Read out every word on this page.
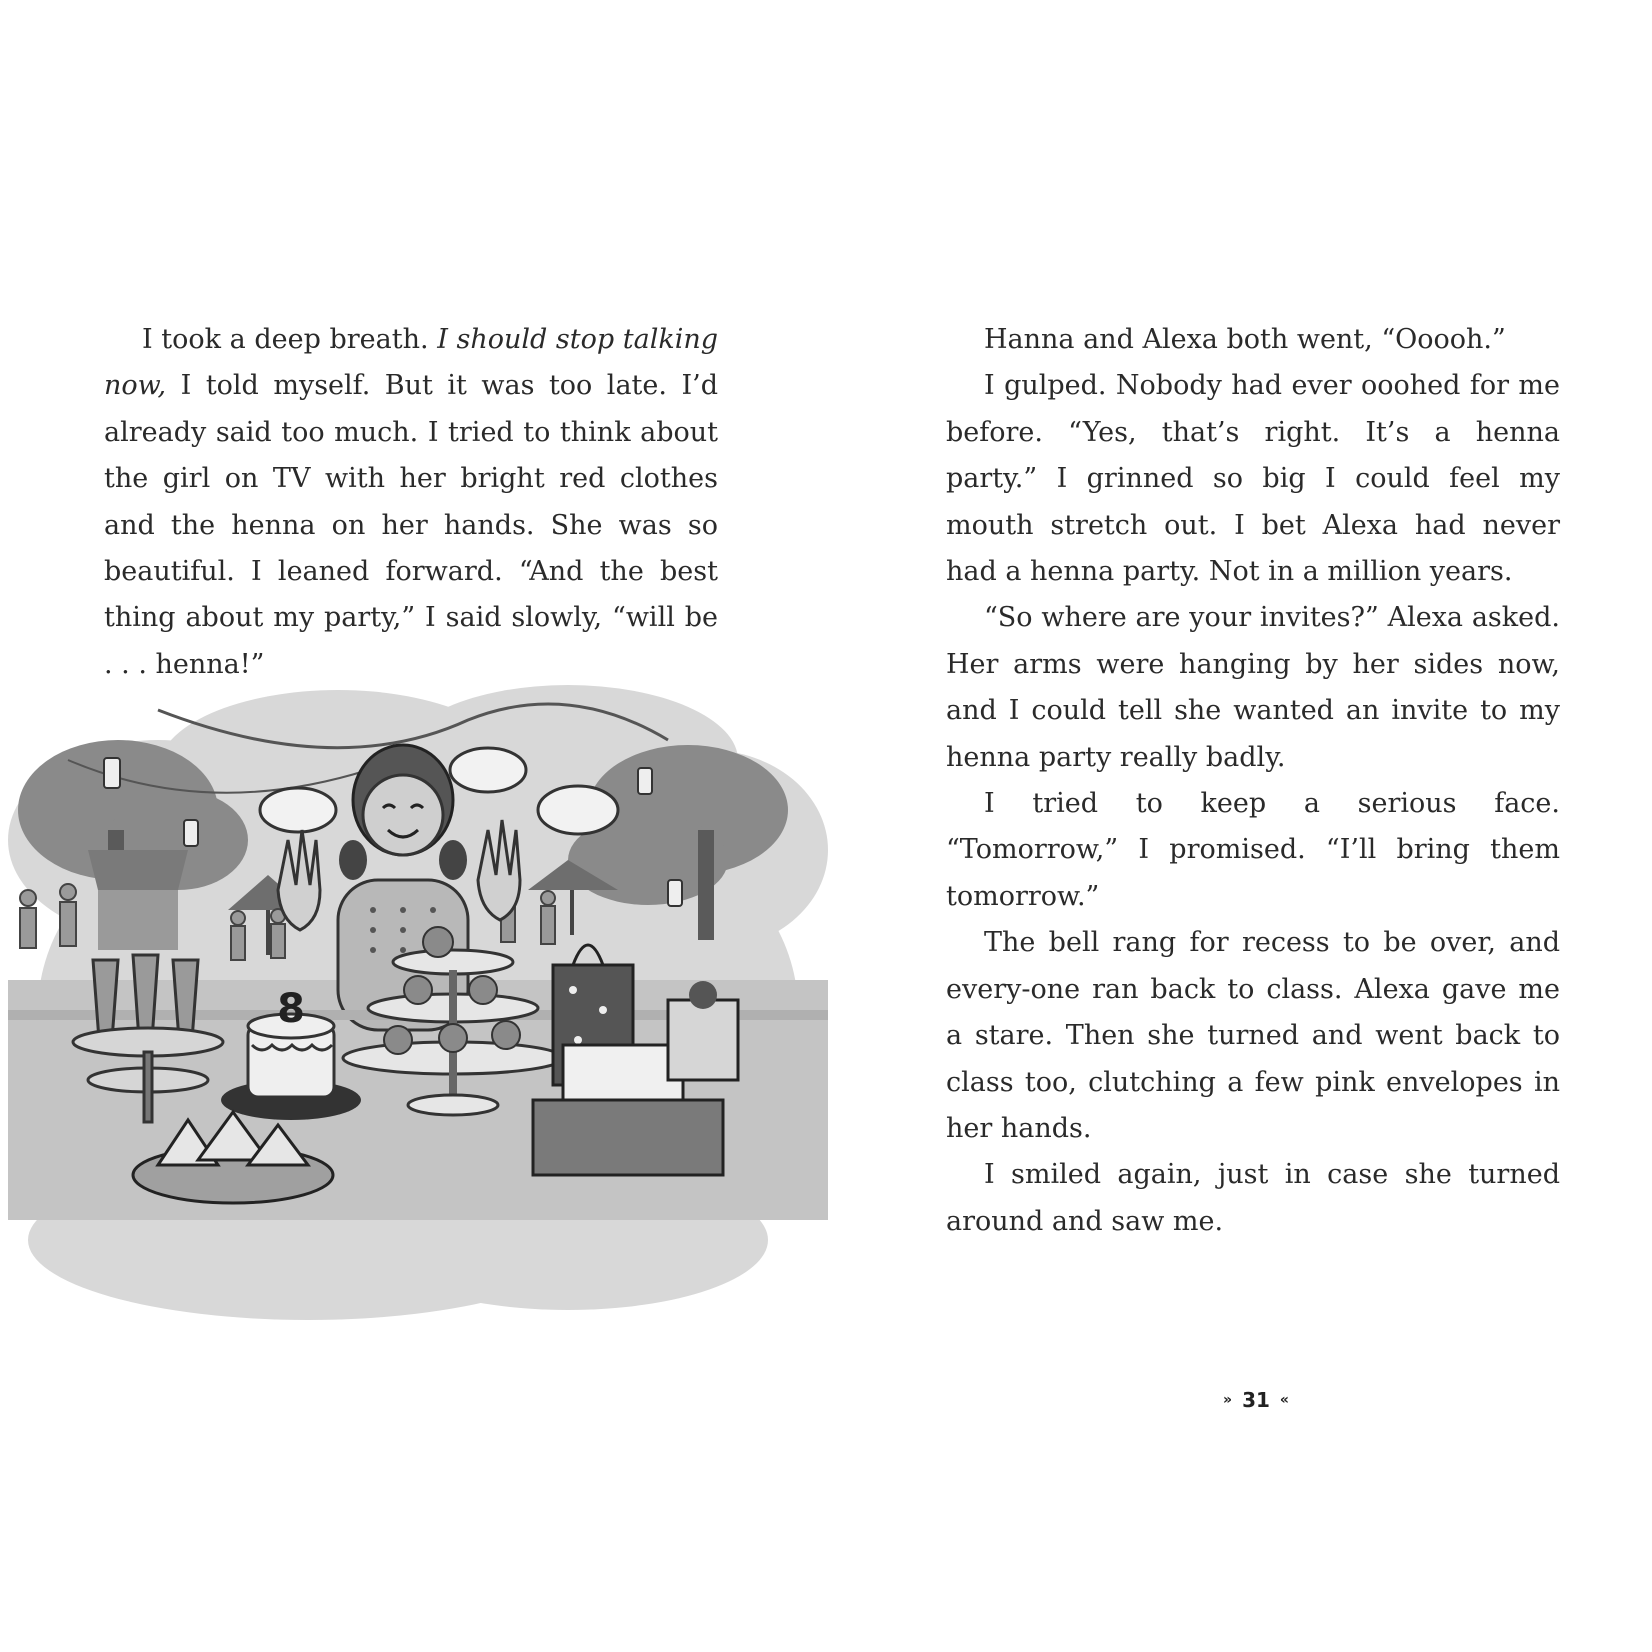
I took a deep breath. I should stop talking now, I told myself. But it was too late. I’d already said too much. I tried to think about the girl on TV with her bright red clothes and the henna on her hands. She was so beautiful. I leaned forward. “And the best thing about my party,” I said slowly, “will be . . . henna!”

8

Hanna and Alexa both went, “Ooooh.”

I gulped. Nobody had ever ooohed for me before. “Yes, that’s right. It’s a henna party.” I grinned so big I could feel my mouth stretch out. I bet Alexa had never had a henna party. Not in a million years.

“So where are your invites?” Alexa asked. Her arms were hanging by her sides now, and I could tell she wanted an invite to my henna party really badly.

I tried to keep a serious face. “Tomorrow,” I promised. “I’ll bring them tomorrow.”

The bell rang for recess to be over, and every-one ran back to class. Alexa gave me a stare. Then she turned and went back to class too, clutching a few pink envelopes in her hands.

I smiled again, just in case she turned around and saw me.

» 31 «
